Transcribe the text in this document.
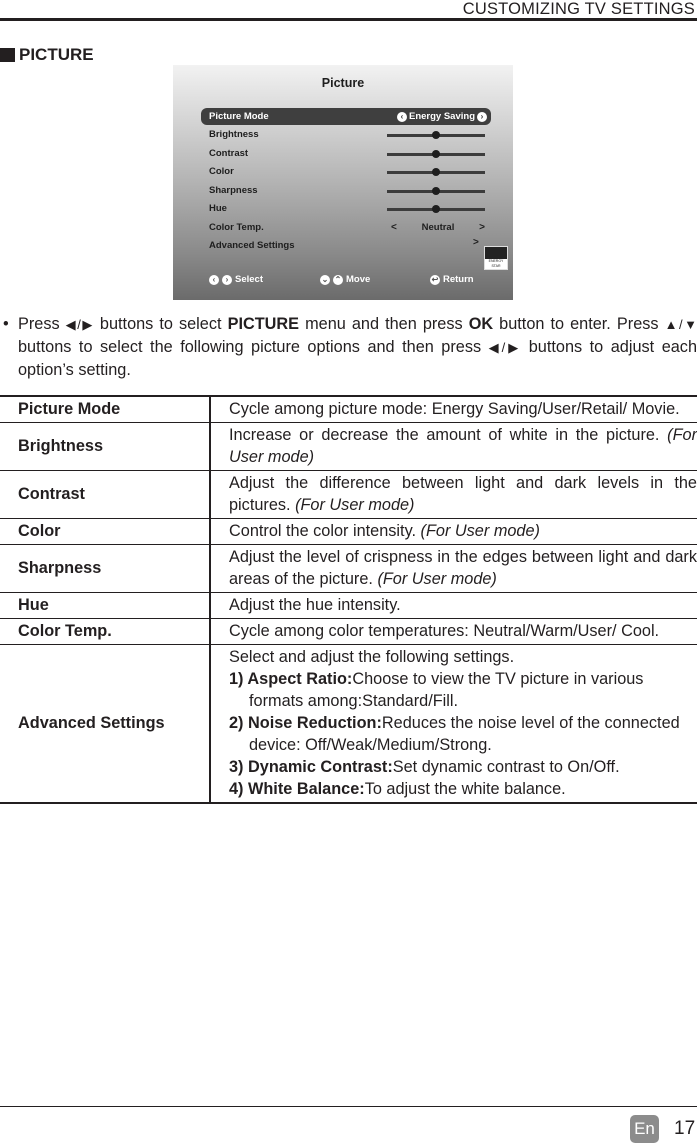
CUSTOMIZING TV SETTINGS
PICTURE
Picture
Picture Mode	‹ Energy Saving ›
Brightness
Contrast
Color
Sharpness
Hue
Color Temp.	<	Neutral >
Advanced Settings	>
ENERGY STAR
‹	› Select	⌄ ⌃ Move	↩ Return
• Press ◀/▶ buttons to select PICTURE menu and then press OK button to enter. Press ▲/▼ buttons to select the following picture options and then press ◀/▶ buttons to adjust each option’s setting.
Picture Mode	Cycle among picture mode: Energy Saving/User/Retail/ Movie.
Brightness	Increase or decrease the amount of white in the picture. (For User mode)
Contrast	Adjust the difference between light and dark levels in the pictures. (For User mode)
Color	Control the color intensity. (For User mode)
Sharpness	Adjust the level of crispness in the edges between light and dark areas of the picture. (For User mode)
Hue	Adjust the hue intensity.
Color Temp.	Cycle among color temperatures: Neutral/Warm/User/ Cool.
Advanced Settings	Select and adjust the following settings.
1) Aspect Ratio:Choose to view the TV picture in various formats among:Standard/Fill.
2) Noise Reduction:Reduces the noise level of the connected device: Off/Weak/Medium/Strong.
3) Dynamic Contrast:Set dynamic contrast to On/Off.
4) White Balance:To adjust the white balance.
En 17
